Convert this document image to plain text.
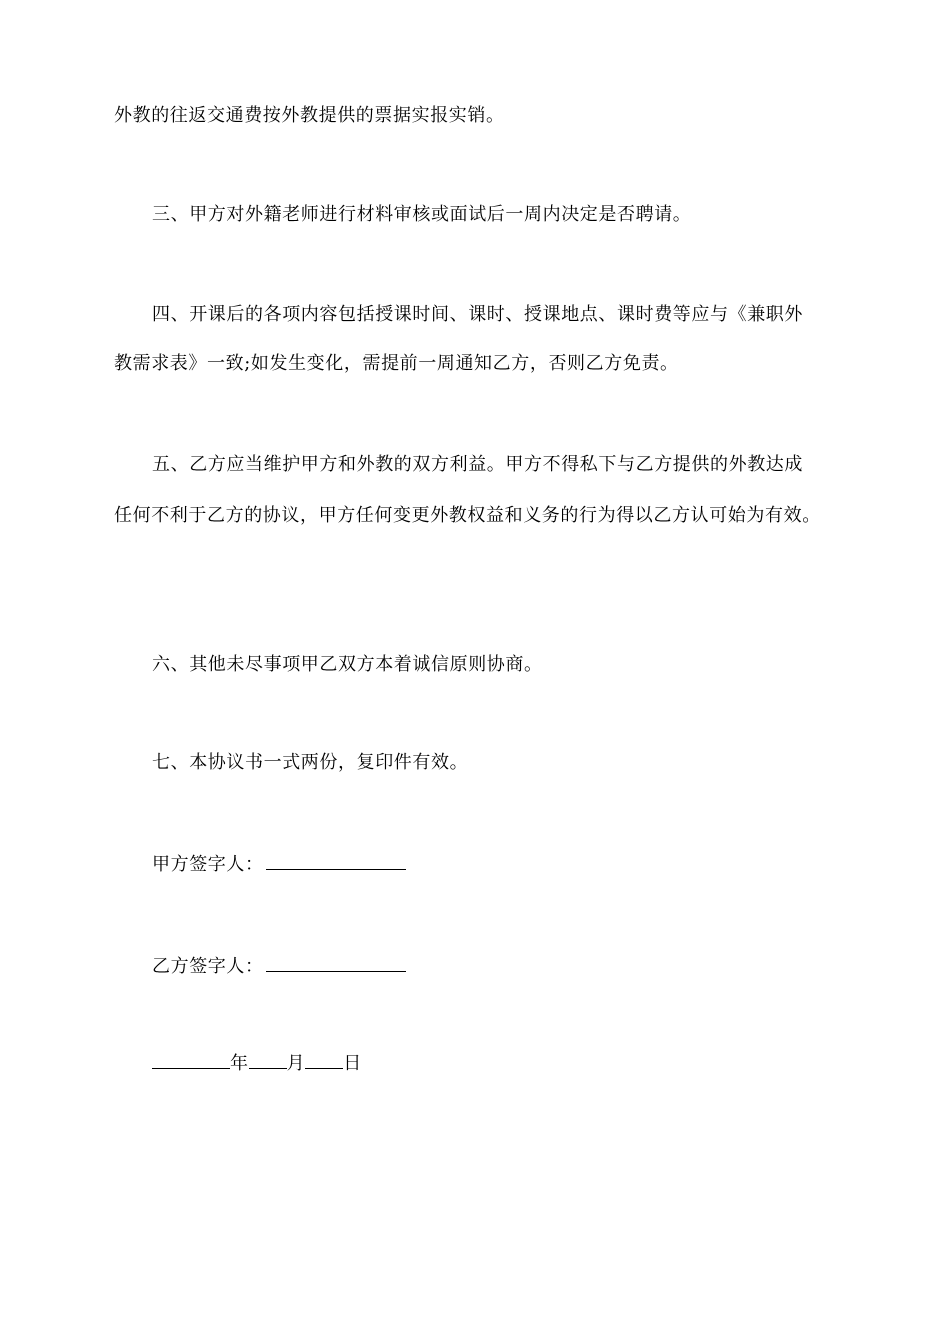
外教的往返交通费按外教提供的票据实报实销。
三、甲方对外籍老师进行材料审核或面试后一周内决定是否聘请。
四、开课后的各项内容包括授课时间、课时、授课地点、课时费等应与《兼职外
教需求表》一致;如发生变化，需提前一周通知乙方，否则乙方免责。
五、乙方应当维护甲方和外教的双方利益。甲方不得私下与乙方提供的外教达成
任何不利于乙方的协议，甲方任何变更外教权益和义务的行为得以乙方认可始为有效。
六、其他未尽事项甲乙双方本着诚信原则协商。
七、本协议书一式两份，复印件有效。
甲方签字人：
乙方签字人：
年 月 日
